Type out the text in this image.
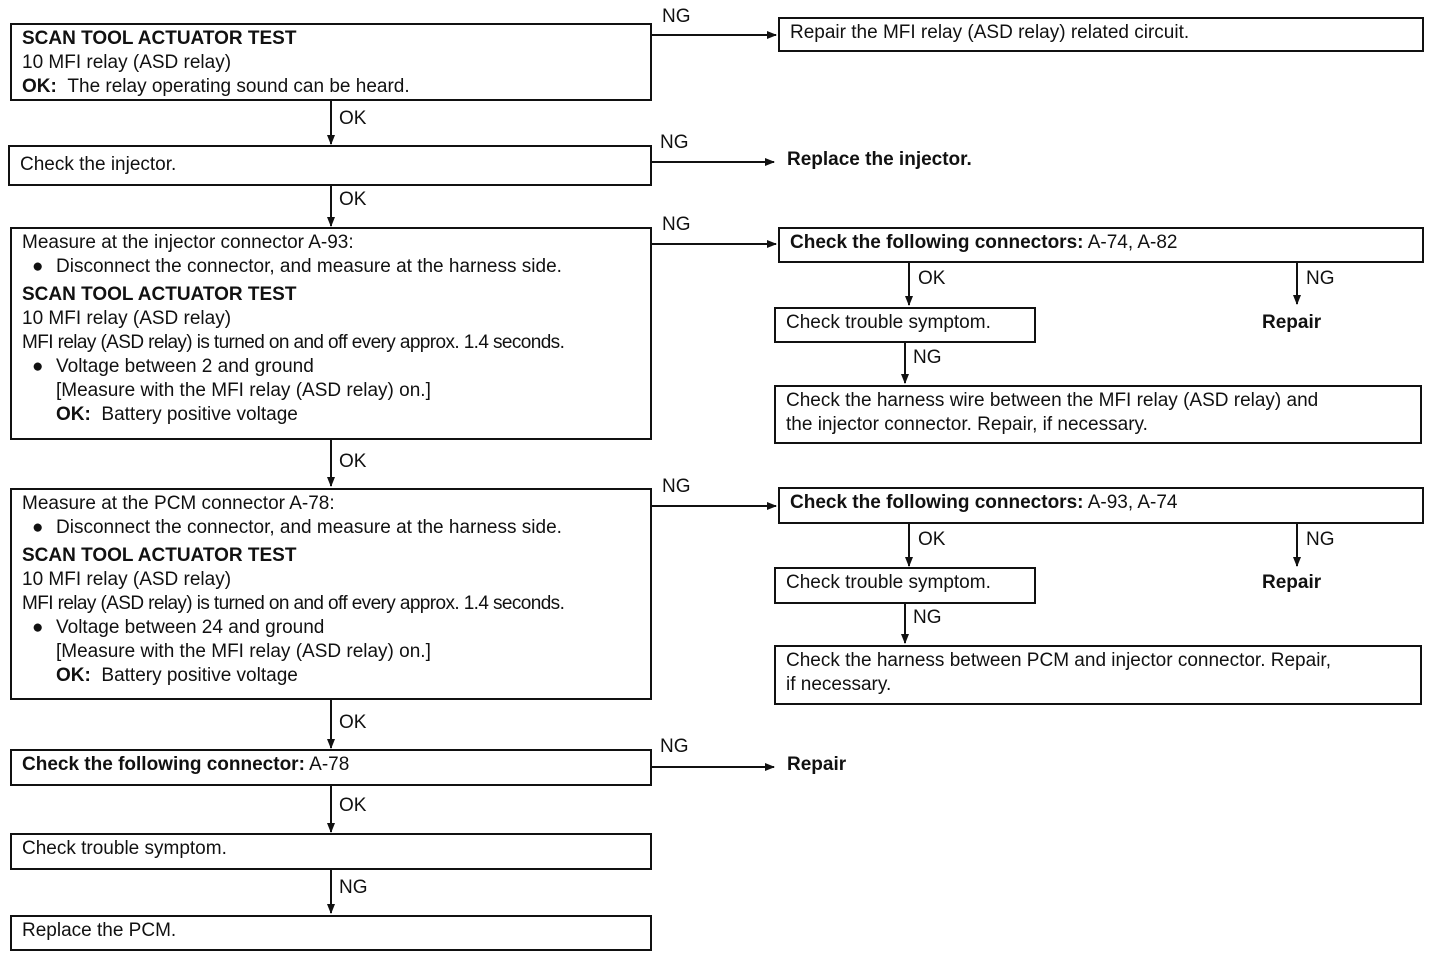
SCAN TOOL ACTUATOR TEST
10 MFI relay (ASD relay)
OK: The relay operating sound can be heard.
Repair the MFI relay (ASD relay) related circuit.
Check the injector.	Replace the injector.
Measure at the injector connector A-93:
● Disconnect the connector, and measure at the harness side.
SCAN TOOL ACTUATOR TEST
10 MFI relay (ASD relay)
MFI relay (ASD relay) is turned on and off every approx. 1.4 seconds.
● Voltage between 2 and ground
[Measure with the MFI relay (ASD relay) on.]
OK: Battery positive voltage
Check the following connectors: A-74, A-82
Check trouble symptom.	Repair
Check the harness wire between the MFI relay (ASD relay) and
the injector connector. Repair, if necessary.
Measure at the PCM connector A-78:
● Disconnect the connector, and measure at the harness side.
SCAN TOOL ACTUATOR TEST
10 MFI relay (ASD relay)
MFI relay (ASD relay) is turned on and off every approx. 1.4 seconds.
● Voltage between 24 and ground
[Measure with the MFI relay (ASD relay) on.]
OK: Battery positive voltage
Check the following connectors: A-93, A-74
Check trouble symptom.	Repair
Check the harness between PCM and injector connector. Repair,
if necessary.
Check the following connector: A-78	Repair
Check trouble symptom.
Replace the PCM.
NG
NG
NG
NG
NG
OK
OK
OK
OK
OK
NG
OK	NG
NG
OK	NG
NG
